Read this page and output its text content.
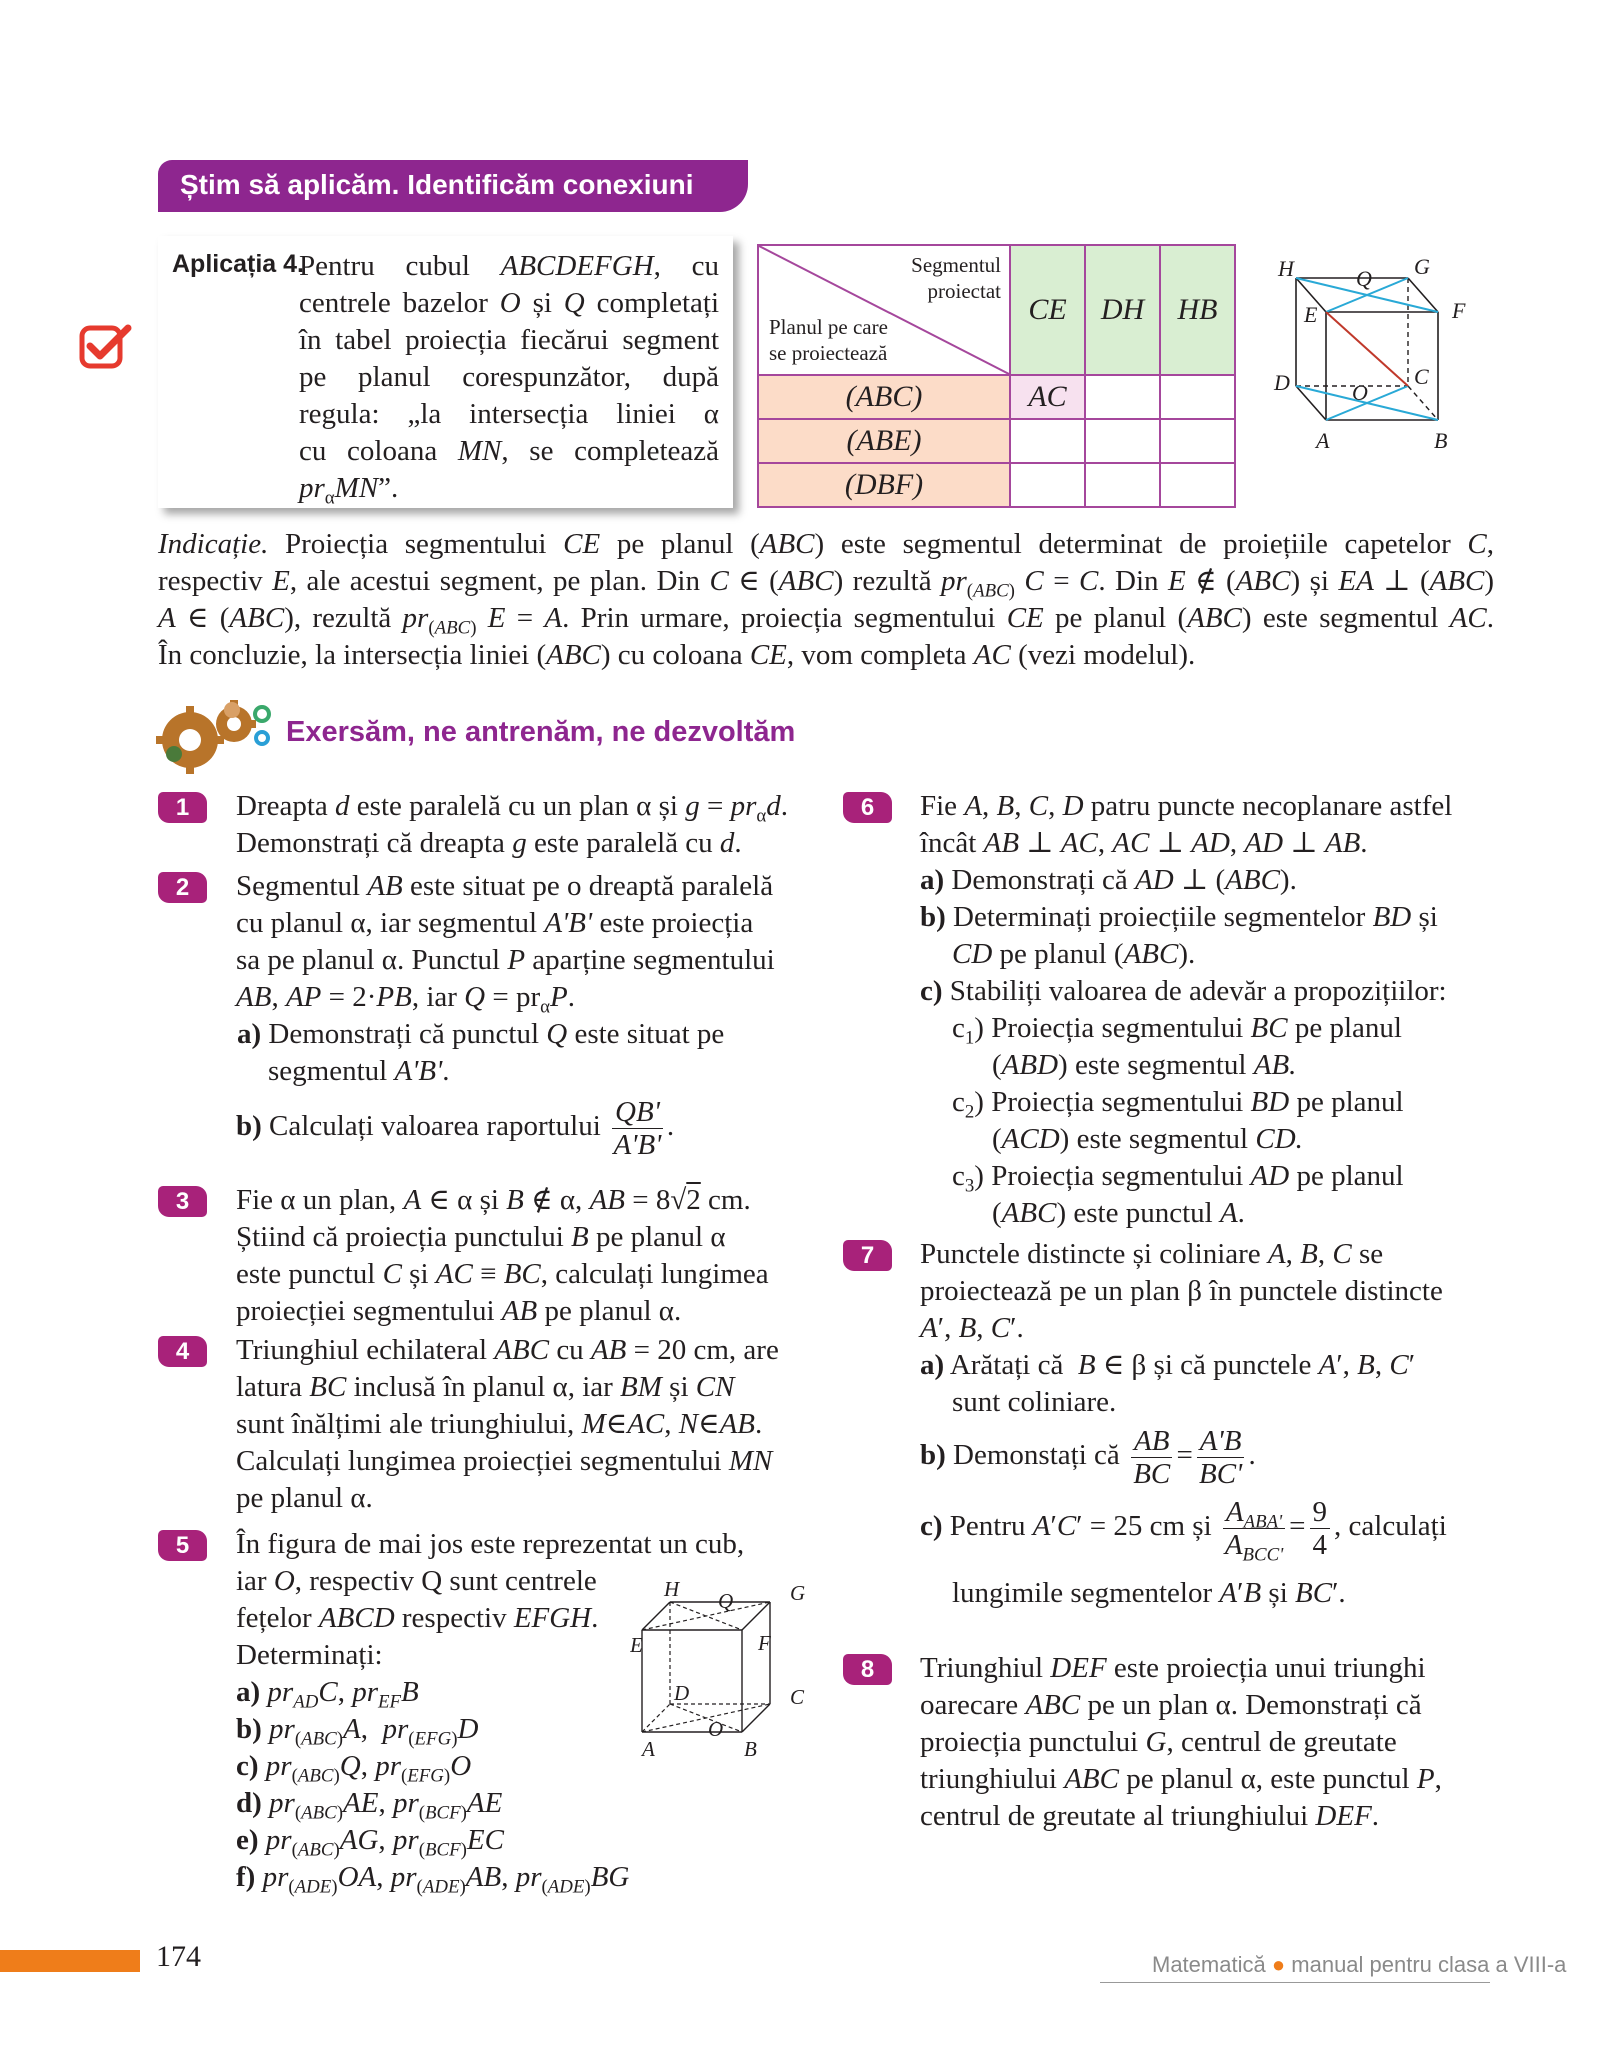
Știm să aplicăm. Identificăm conexiuni
Aplicația 4.
Pentru cubul ABCDEFGH, cu
centrele bazelor O și Q completați
în tabel proiecția fiecărui segment
pe planul corespunzător, după
regula: „la intersecția liniei α
cu coloana MN, se completează
$pr_\alpha MN$”.
Segmentul
proiectat
Planul pe care
se proiectează	CE	DH	HB
(ABC)	AC		
(ABE)			
(DBF)			
H	Q G
E	F
D	O
C
A	B
Indicație. Proiecția segmentului CE pe planul (ABC) este segmentul determinat de proiețiile capetelor C,
respectiv E, ale acestui segment, pe plan. Din C ∈ (ABC) rezultă $pr_{(ABC)}$ C = C. Din E ∉ (ABC) și EA ⊥ (ABC)
A ∈ (ABC), rezultă $pr_{(ABC)}$ E = A. Prin urmare, proiecția segmentului CE pe planul (ABC) este segmentul AC.
În concluzie, la intersecția liniei (ABC) cu coloana CE, vom completa AC (vezi modelul).
Exersăm, ne antrenăm, ne dezvoltăm
1	Dreapta d este paralelă cu un plan α și $g = pr_\alpha d$.
Demonstrați că dreapta g este paralelă cu d.
2	Segmentul AB este situat pe o dreaptă paralelă
cu planul α, iar segmentul A'B' este proiecția
sa pe planul α. Punctul P aparține segmentului
AB, AP = 2·PB, iar $Q = pr_\alpha P$.
a) Demonstrați că punctul Q este situat pe
segmentul A'B'.
b) Calculați valoarea raportului $\frac{QB'}{A'B'}$ .
3	Fie α un plan, A ∈ α și B ∉ α, AB = 8√2 cm.
Știind că proiecția punctului B pe planul α
este punctul C și AC ≡ BC, calculați lungimea
proiecției segmentului AB pe planul α.
4	Triunghiul echilateral ABC cu AB = 20 cm, are
latura BC inclusă în planul α, iar BM și CN
sunt înălțimi ale triunghiului, M∈AC, N∈AB.
Calculați lungimea proiecției segmentului MN
pe planul α.
5	În figura de mai jos este reprezentat un cub,
iar O, respectiv Q sunt centrele
fețelor ABCD respectiv EFGH.
Determinați:
a) $pr_{AD}C$, $pr_{EF}B$
b) $pr_{(ABC)}A$,  $pr_{(EFG)}D$
c) $pr_{(ABC)}Q$, $pr_{(EFG)}O$
d) $pr_{(ABC)}AE$, $pr_{(BCF)}AE$
e) $pr_{(ABC)}AG$, $pr_{(BCF)}EC$
f) $pr_{(ADE)}OA$, $pr_{(ADE)}AB$, $pr_{(ADE)}BG$
H Q	G
E	F
D	C
O
A	B
6	Fie A, B, C, D patru puncte necoplanare astfel
încât AB ⊥ AC, AC ⊥ AD, AD ⊥ AB.
a) Demonstrați că AD ⊥ (ABC).
b) Determinați proiecțiile segmentelor BD și
CD pe planul (ABC).
c) Stabiliți valoarea de adevăr a propozițiilor:
$c_1$) Proiecția segmentului BC pe planul
(ABD) este segmentul AB.
$c_2$) Proiecția segmentului BD pe planul
(ACD) este segmentul CD.
$c_3$) Proiecția segmentului AD pe planul
(ABC) este punctul A.
7	Punctele distincte și coliniare A, B, C se
proiectează pe un plan β în punctele distincte
A′, B, C′.
a) Arătați că  B ∈ β și că punctele A′, B, C′
sunt coliniare.
b) Demonstați că $\frac{AB}{BC} = \frac{A'B}{BC'}$ .
c) Pentru A′C′ = 25 cm și $\frac{A_{ABA'}}{A_{BCC'}} = \frac{9}{4}$ , calculați
lungimile segmentelor A′B și BC′.
8	Triunghiul DEF este proiecția unui triunghi
oarecare ABC pe un plan α. Demonstrați că
proiecția punctului G, centrul de greutate
triunghiului ABC pe planul α, este punctul P,
centrul de greutate al triunghiului DEF.
174	Matematică ● manual pentru clasa a VIII-a
